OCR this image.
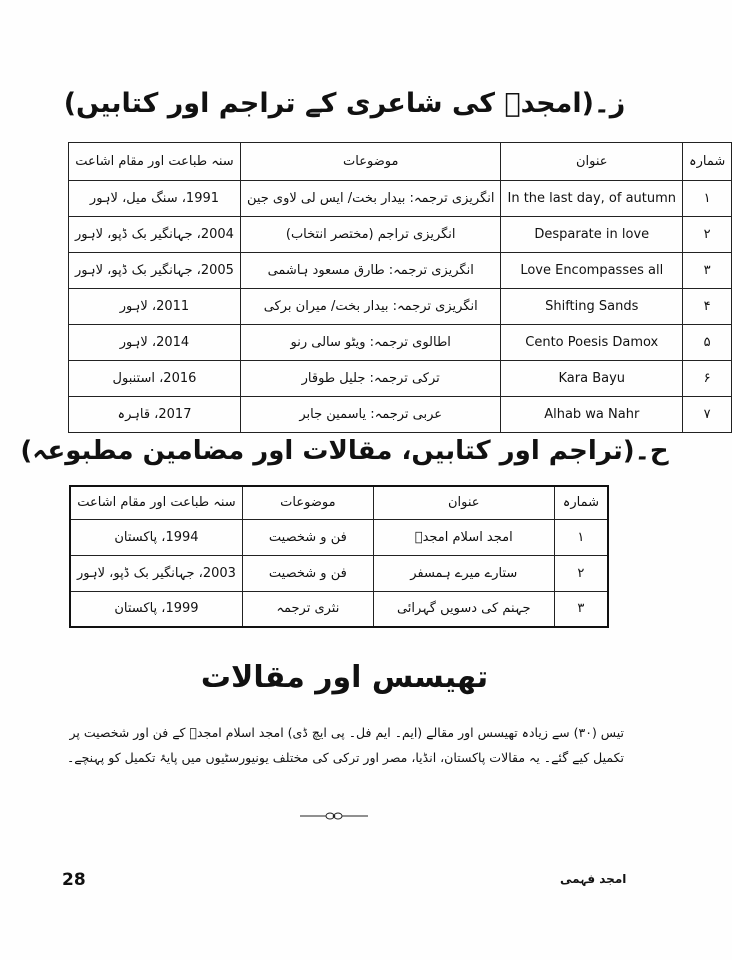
ز۔(امجدؔ کی شاعری کے تراجم اور کتابیں)
شمارہ	عنوان	موضوعات	سنہ طباعت اور مقام اشاعت
۱	In the last day, of autumn	انگریزی ترجمہ: بیدار بخت/ ایس لی لاوی جین	1991، سنگ میل، لاہور
۲	Desparate in love	انگریزی تراجم (مختصر انتخاب)	2004، جہانگیر بک ڈپو، لاہور
۳	Love Encompasses all	انگریزی ترجمہ: طارق مسعود ہاشمی	2005، جہانگیر بک ڈپو، لاہور
۴	Shifting Sands	انگریزی ترجمہ: بیدار بخت/ میران برکی	2011، لاہور
۵	Cento Poesis Damox	اطالوی ترجمہ: ویٹو سالی رنو	2014، لاہور
۶	Kara Bayu	ترکی ترجمہ: جلیل طوقار	2016، استنبول
۷	Alhab wa Nahr	عربی ترجمہ: یاسمین جابر	2017، قاہرہ
ح۔(تراجم اور کتابیں، مقالات اور مضامین مطبوعہ)
شمارہ	عنوان	موضوعات	سنہ طباعت اور مقام اشاعت
۱	امجد اسلام امجدؔ	فن و شخصیت	1994، پاکستان
۲	ستارے میرے ہمسفر	فن و شخصیت	2003، جہانگیر بک ڈپو، لاہور
۳	جہنم کی دسویں گہرائی	نثری ترجمہ	1999، پاکستان
تھیسس اور مقالات
تیس (۳۰) سے زیادہ تھیسس اور مقالے (ایم۔ ایم فل۔ پی ایچ ڈی) امجد اسلام امجدؔ کے فن اور شخصیت پر تکمیل کیے گئے۔ یہ مقالات پاکستان، انڈیا، مصر اور ترکی کی مختلف یونیورسٹیوں میں پایۂ تکمیل کو پہنچے۔
28	امجد فہمی
